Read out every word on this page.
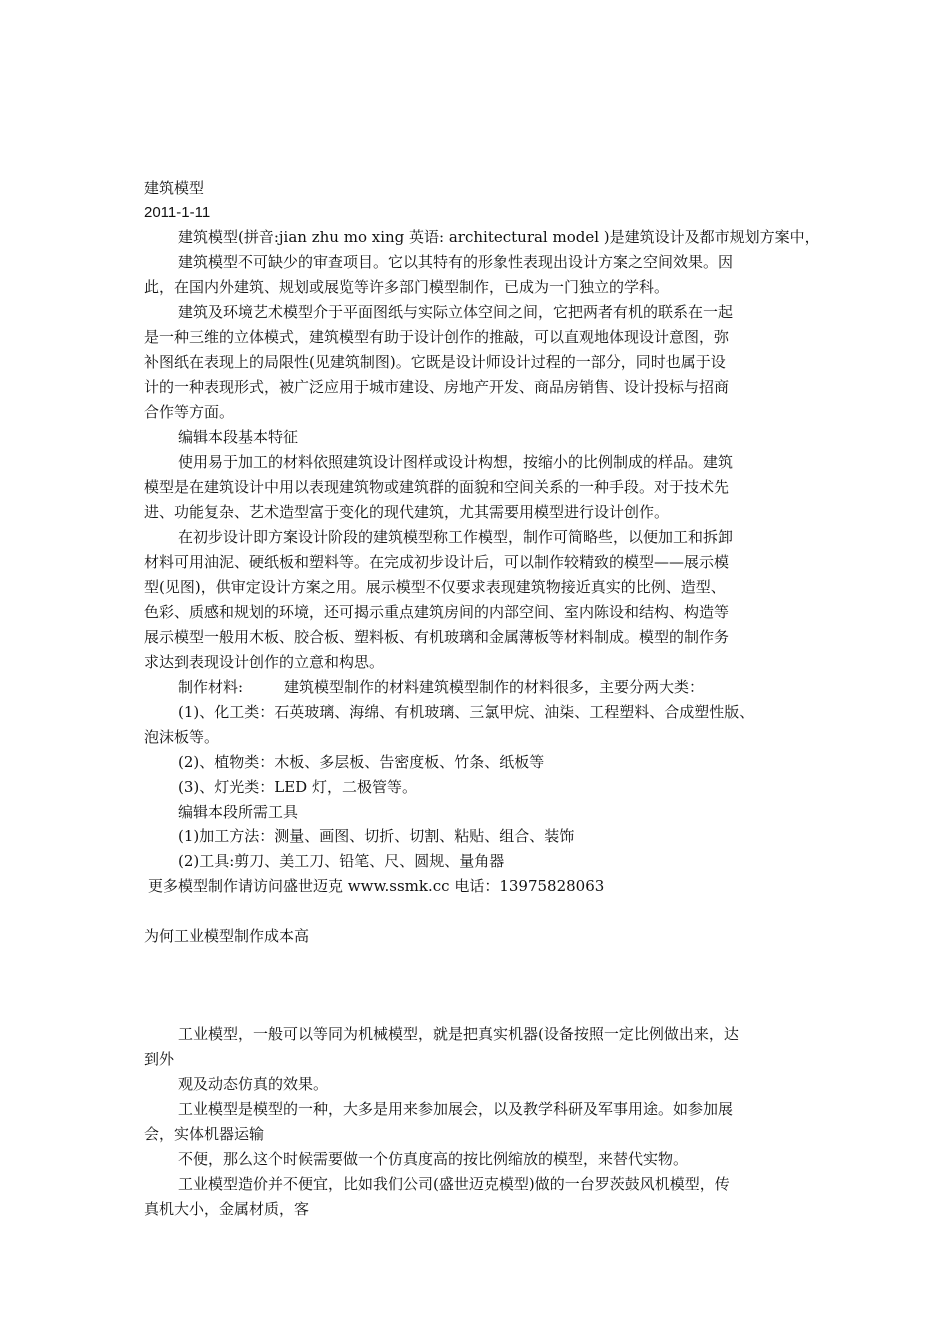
建筑模型
2011-1-11
建筑模型(拼音:jian zhu mo xing 英语: architectural model )是建筑设计及都市规划方案中，
建筑模型不可缺少的审查项目。它以其特有的形象性表现出设计方案之空间效果。因
此，在国内外建筑、规划或展览等许多部门模型制作，已成为一门独立的学科。
建筑及环境艺术模型介于平面图纸与实际立体空间之间，它把两者有机的联系在一起
是一种三维的立体模式，建筑模型有助于设计创作的推敲，可以直观地体现设计意图，弥
补图纸在表现上的局限性(见建筑制图)。它既是设计师设计过程的一部分，同时也属于设
计的一种表现形式，被广泛应用于城市建设、房地产开发、商品房销售、设计投标与招商
合作等方面。
编辑本段基本特征
使用易于加工的材料依照建筑设计图样或设计构想，按缩小的比例制成的样品。建筑
模型是在建筑设计中用以表现建筑物或建筑群的面貌和空间关系的一种手段。对于技术先
进、功能复杂、艺术造型富于变化的现代建筑，尤其需要用模型进行设计创作。
在初步设计即方案设计阶段的建筑模型称工作模型，制作可简略些，以便加工和拆卸
材料可用油泥、硬纸板和塑料等。在完成初步设计后，可以制作较精致的模型——展示模
型(见图)，供审定设计方案之用。展示模型不仅要求表现建筑物接近真实的比例、造型、
色彩、质感和规划的环境，还可揭示重点建筑房间的内部空间、室内陈设和结构、构造等
展示模型一般用木板、胶合板、塑料板、有机玻璃和金属薄板等材料制成。模型的制作务
求达到表现设计创作的立意和构思。
制作材料:	建筑模型制作的材料建筑模型制作的材料很多，主要分两大类：
(1)、化工类：石英玻璃、海绵、有机玻璃、三氯甲烷、油柒、工程塑料、合成塑性版、
泡沫板等。
(2)、植物类：木板、多层板、告密度板、竹条、纸板等
(3)、灯光类：LED 灯，二极管等。
编辑本段所需工具
(1)加工方法：测量、画图、切折、切割、粘贴、组合、装饰
(2)工具:剪刀、美工刀、铅笔、尺、圆规、量角器
更多模型制作请访问盛世迈克 www.ssmk.cc 电话：13975828063
为何工业模型制作成本高
工业模型，一般可以等同为机械模型，就是把真实机器(设备按照一定比例做出来，达
到外
观及动态仿真的效果。
工业模型是模型的一种，大多是用来参加展会，以及教学科研及军事用途。如参加展
会，实体机器运输
不便，那么这个时候需要做一个仿真度高的按比例缩放的模型，来替代实物。
工业模型造价并不便宜，比如我们公司(盛世迈克模型)做的一台罗茨鼓风机模型，传
真机大小，金属材质，客
